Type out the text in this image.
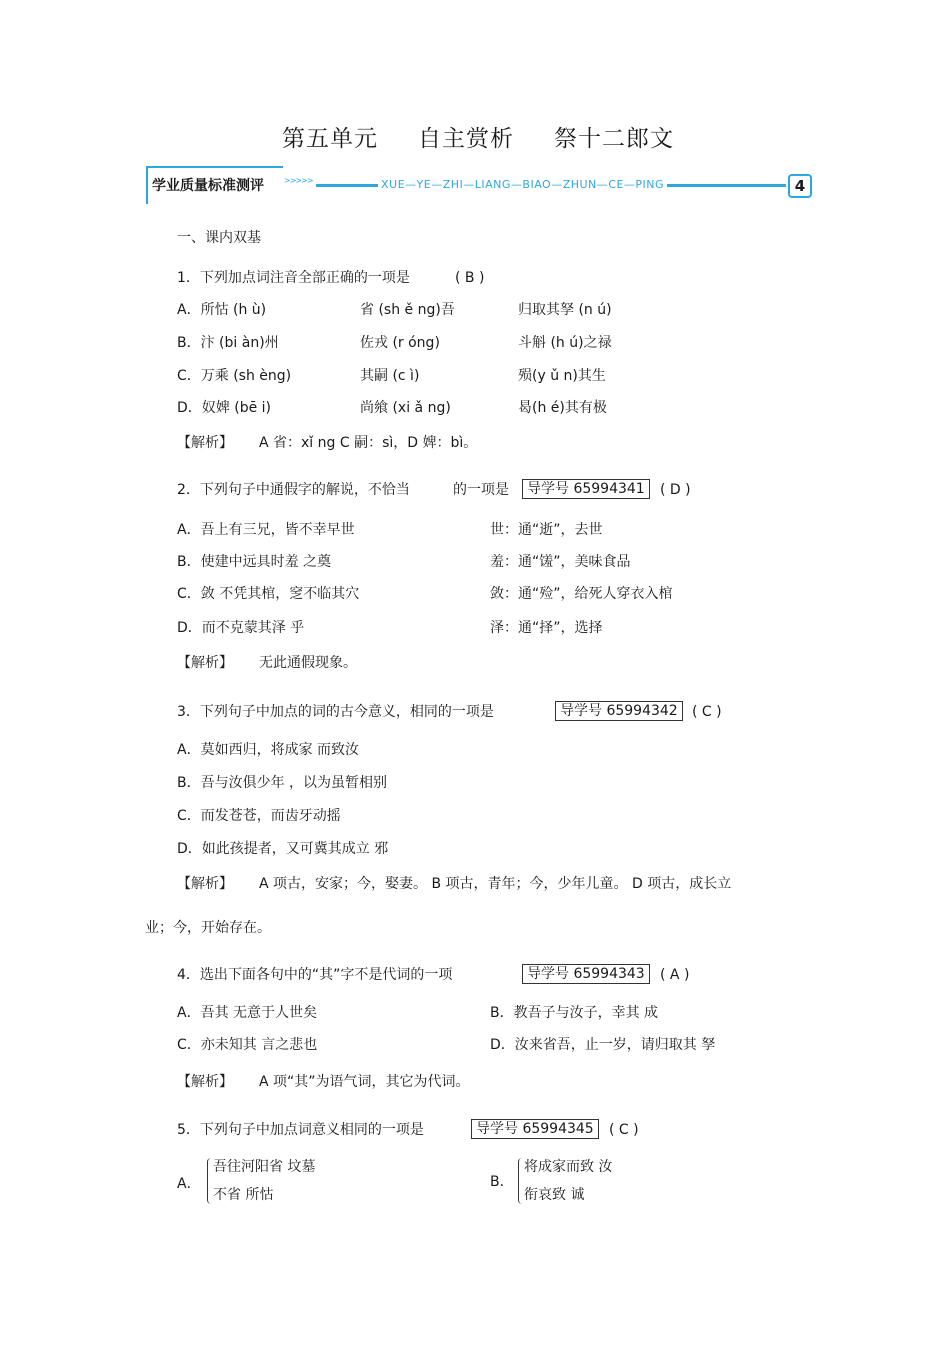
第五单元 自主赏析 祭十二郎文
学业质量标准测评	>>>>>	XUE—YE—ZHI—LIANG—BIAO—ZHUN—CE—PING	4
一、课内双基
1．下列加点词注音全部正确的一项是	( B )
A．所怙 (h ù)	省 (sh ě ng)吾	归取其孥 (n ú)
B．汴 (bi àn)州	佐戎 (r óng)	斗斛 (h ú)之禄
C．万乘 (sh èng)	其嗣 (c ì)	殒(y ǔ n)其生
D．奴婢 (bē i)	尚飨 (xi ǎ ng)	曷(h é)其有极
【解析】 A 省：xǐ ng C 嗣：sì，D 婢：bì。
2．下列句子中通假字的解说，不恰当	的一项是	导学号 65994341	( D )
A．吾上有三兄，皆不幸早世	世：通“逝”，去世
B．使建中远具时羞 之奠	羞：通“馐”，美味食品
C．敛 不凭其棺，窆不临其穴	敛：通“殓”，给死人穿衣入棺
D．而不克蒙其泽 乎	泽：通“择”，选择
【解析】 无此通假现象。
3．下列句子中加点的词的古今意义，相同的一项是	导学号 65994342	( C )
A．莫如西归，将成家 而致汝
B．吾与汝俱少年 ，以为虽暂相别
C．而发苍苍，而齿牙动摇
D．如此孩提者，又可冀其成立 邪
【解析】 A 项古，安家；今，娶妻。 B 项古，青年；今，少年儿童。 D 项古，成长立
业；今，开始存在。
4．选出下面各句中的“其”字不是代词的一项	导学号 65994343	( A )
A．吾其 无意于人世矣	B．教吾子与汝子，幸其 成
C．亦未知其 言之悲也	D．汝来省吾，止一岁，请归取其 孥
【解析】 A 项“其”为语气词，其它为代词。
5．下列句子中加点词意义相同的一项是	导学号 65994345	( C )
A．
吾往河阳省 坟墓
不省 所怙
B．
将成家而致 汝
衔哀致 诚
